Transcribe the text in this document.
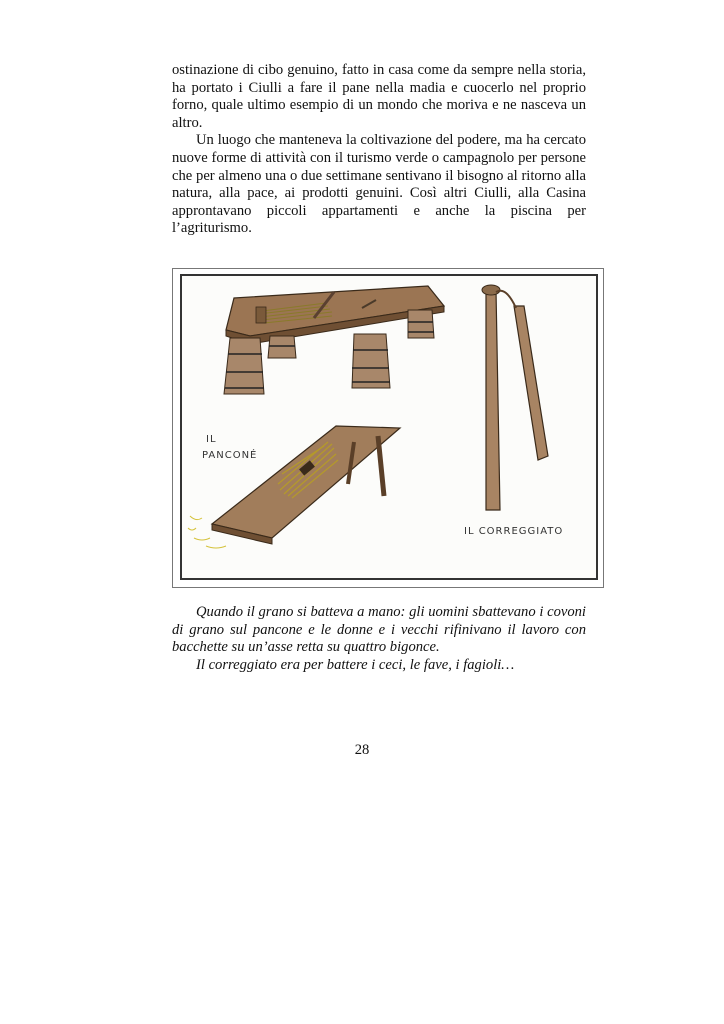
ostinazione di cibo genuino, fatto in casa come da sempre nella storia, ha portato i Ciulli a fare il pane nella madia e cuocerlo nel proprio forno, quale ultimo esempio di un mondo che moriva e ne nasceva un altro.

Un luogo che manteneva la coltivazione del podere, ma ha cercato nuove forme di attività con il turismo verde o campagnolo per persone che per almeno una o due settimane sentivano il bisogno al ritorno alla natura, alla pace, ai prodotti genuini. Così altri Ciulli, alla Casina approntavano piccoli appartamenti e anche la piscina per l’agriturismo.

IL
PANCONÉ
IL CORREGGIATO

Quando il grano si batteva a mano: gli uomini sbattevano i covoni di grano sul pancone e le donne e i vecchi rifinivano il lavoro con bacchette su un’asse retta su quattro bigonce.

Il correggiato era per battere i ceci, le fave, i fagioli…

28
